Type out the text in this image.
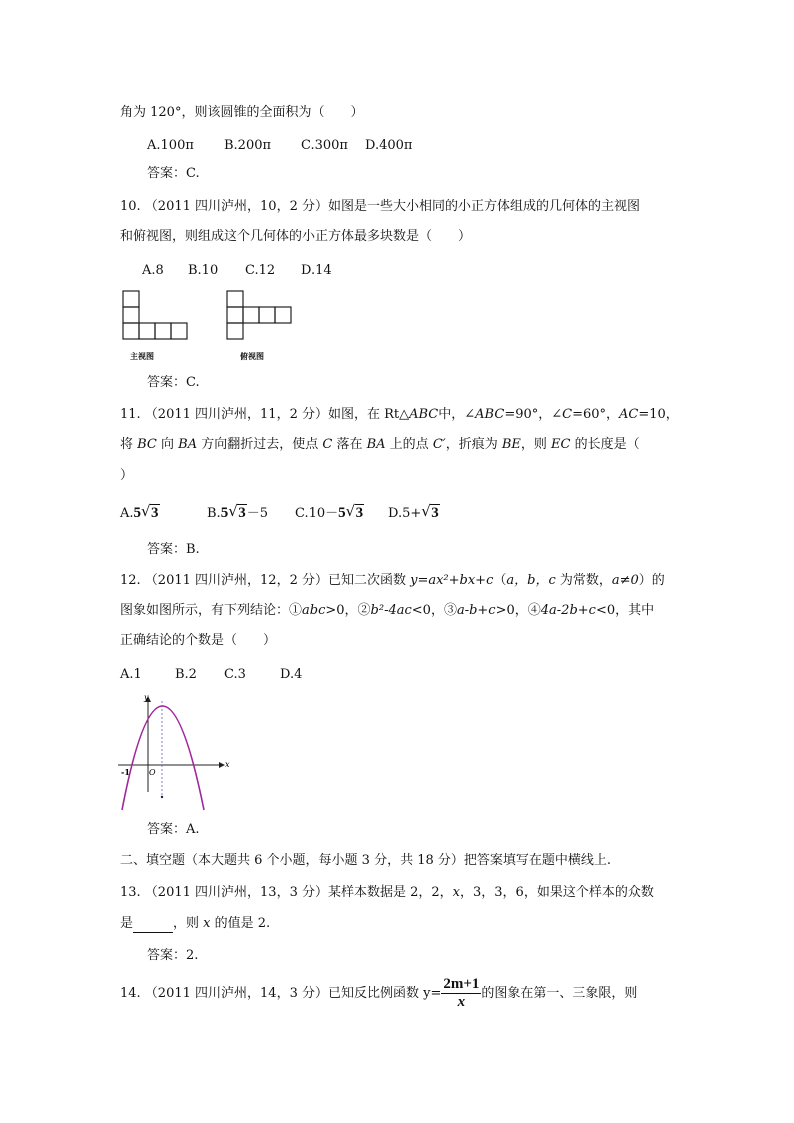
角为 120°，则该圆锥的全面积为（　　）
A.100π B.200π C.300π D.400π
答案：C.
10. （2011 四川泸州，10，2 分）如图是一些大小相同的小正方体组成的几何体的主视图
和俯视图，则组成这个几何体的小正方体最多块数是（　　）
A.8 B.10 C.12 D.14
主视图	俯视图
答案：C.
11. （2011 四川泸州，11，2 分）如图，在 Rt△ABC中，∠ABC=90°，∠C=60°，AC=10，
将 BC 向 BA 方向翻折过去，使点 C 落在 BA 上的点 C′，折痕为 BE，则 EC 的长度是（
）
A.5 √ 3	B.5 √ 3－5 C.10－5 √ 3 D.5+ √ 3
答案：B.
12. （2011 四川泸州，12，2 分）已知二次函数 y=ax²+bx+c（a，b，c 为常数，a≠0）的
图象如图所示，有下列结论：①abc>0，②b²-4ac<0，③a-b+c>0，④4a-2b+c<0，其中
正确结论的个数是（　　）
A.1	B.2 C.3	D.4
y
x
O
-1
答案：A.
二、填空题（本大题共 6 个小题，每小题 3 分，共 18 分）把答案填写在题中横线上.
13. （2011 四川泸州，13，3 分）某样本数据是 2，2，x，3，3，6，如果这个样本的众数
是	，则 x 的值是 2.
答案：2.
14. （2011 四川泸州，14，3 分）已知反比例函数 $y= \frac{2m+1}{x}$ 的图象在第一、三象限，则
